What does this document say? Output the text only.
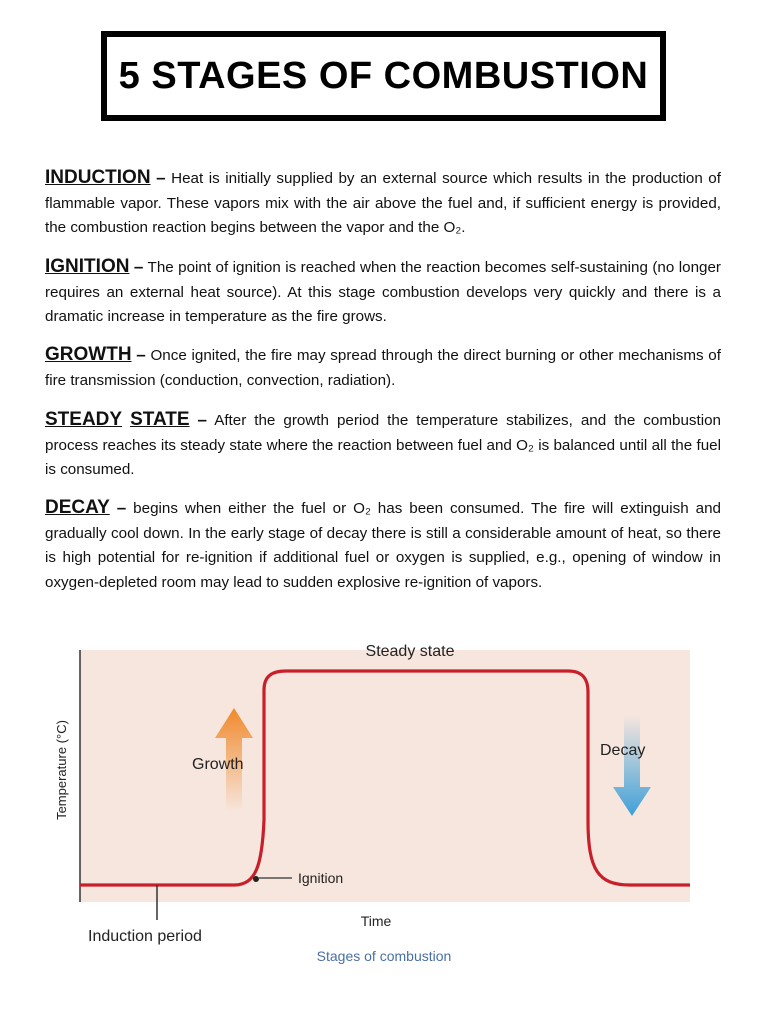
5 STAGES OF COMBUSTION

INDUCTION – Heat is initially supplied by an external source which results in the production of flammable vapor. These vapors mix with the air above the fuel and, if sufficient energy is provided, the combustion reaction begins between the vapor and the O₂.

IGNITION – The point of ignition is reached when the reaction becomes self-sustaining (no longer requires an external heat source). At this stage combustion develops very quickly and there is a dramatic increase in temperature as the fire grows.

GROWTH – Once ignited, the fire may spread through the direct burning or other mechanisms of fire transmission (conduction, convection, radiation).

STEADY STATE – After the growth period the temperature stabilizes, and the combustion process reaches its steady state where the reaction between fuel and O₂ is balanced until all the fuel is consumed.

DECAY – begins when either the fuel or O₂ has been consumed. The fire will extinguish and gradually cool down. In the early stage of decay there is still a considerable amount of heat, so there is high potential for re-ignition if additional fuel or oxygen is supplied, e.g., opening of window in oxygen-depleted room may lead to sudden explosive re-ignition of vapors.

Steady state
Growth
Decay
Ignition
Time
Induction period
Temperature (°C)
Stages of combustion
